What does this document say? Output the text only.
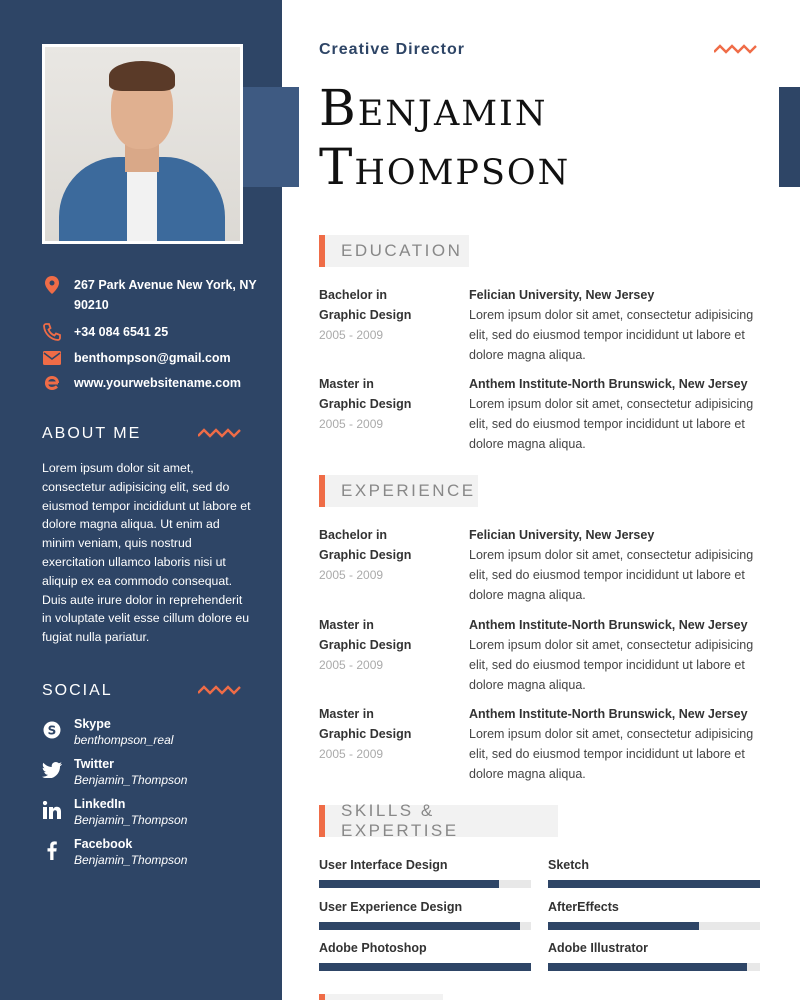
267 Park Avenue New York, NY 90210
+34 084 6541 25
benthompson@gmail.com
www.yourwebsitename.com
ABOUT ME
Lorem ipsum dolor sit amet, consectetur adipisicing elit, sed do eiusmod tempor incididunt ut labore et dolore magna aliqua. Ut enim ad minim veniam, quis nostrud exercitation ullamco laboris nisi ut aliquip ex ea commodo consequat. Duis aute irure dolor in reprehenderit in voluptate velit esse cillum dolore eu fugiat nulla pariatur.
SOCIAL
S Skype
benthompson_real
Twitter
Benjamin_Thompson
LinkedIn
Benjamin_Thompson
Facebook
Benjamin_Thompson
Creative Director
Benjamin
Thompson
EDUCATION
Bachelor in
Graphic Design
2005 - 2009
Felician University, New Jersey
Lorem ipsum dolor sit amet, consectetur adipisicing elit, sed do eiusmod tempor incididunt ut labore et dolore magna aliqua.
Master in
Graphic Design
2005 - 2009
Anthem Institute-North Brunswick, New Jersey
Lorem ipsum dolor sit amet, consectetur adipisicing elit, sed do eiusmod tempor incididunt ut labore et dolore magna aliqua.
EXPERIENCE
Bachelor in
Graphic Design
2005 - 2009
Felician University, New Jersey
Lorem ipsum dolor sit amet, consectetur adipisicing elit, sed do eiusmod tempor incididunt ut labore et dolore magna aliqua.
Master in
Graphic Design
2005 - 2009
Anthem Institute-North Brunswick, New Jersey
Lorem ipsum dolor sit amet, consectetur adipisicing elit, sed do eiusmod tempor incididunt ut labore et dolore magna aliqua.
Master in
Graphic Design
2005 - 2009
Anthem Institute-North Brunswick, New Jersey
Lorem ipsum dolor sit amet, consectetur adipisicing elit, sed do eiusmod tempor incididunt ut labore et dolore magna aliqua.
SKILLS & EXPERTISE
User Interface Design	Sketch
User Experience Design	AfterEffects
Adobe Photoshop	Adobe Illustrator
